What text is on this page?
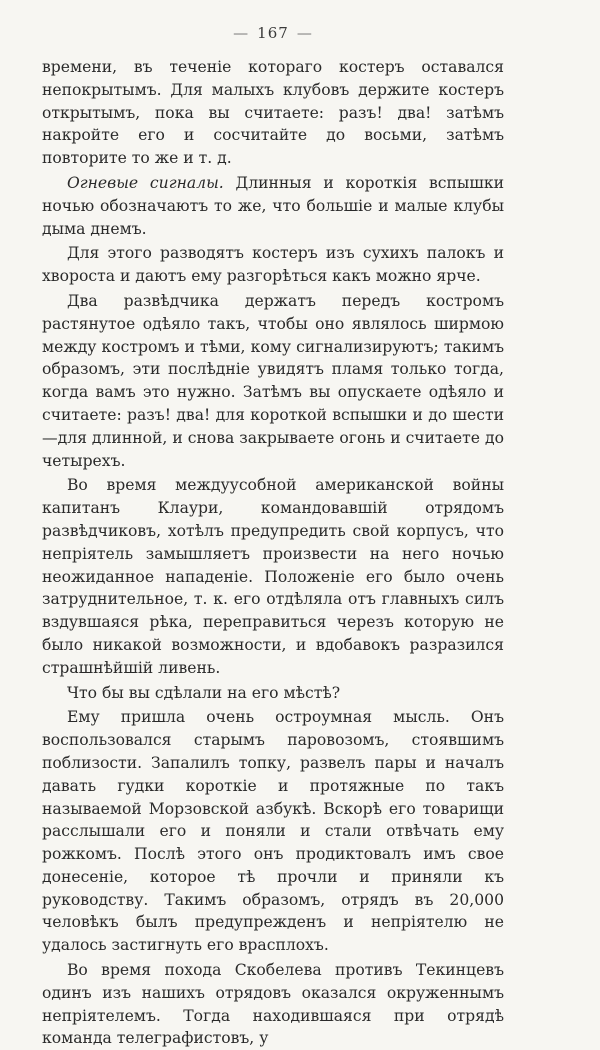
— 167 —

времени, въ теченіе котораго костеръ оставался непокрытымъ. Для малыхъ клубовъ держите костеръ открытымъ, пока вы считаете: разъ! два! затѣмъ накройте его и сосчитайте до восьми, затѣмъ повторите то же и т. д.

Огневые сигналы. Длинныя и короткія вспышки ночью обозначаютъ то же, что большіе и малые клубы дыма днемъ.

Для этого разводятъ костеръ изъ сухихъ палокъ и хвороста и даютъ ему разгорѣться какъ можно ярче.

Два развѣдчика держатъ передъ костромъ растянутое одѣяло такъ, чтобы оно являлось ширмою между костромъ и тѣми, кому сигнализируютъ; такимъ образомъ, эти послѣдніе увидятъ пламя только тогда, когда вамъ это нужно. Затѣмъ вы опускаете одѣяло и считаете: разъ! два! для короткой вспышки и до шести—для длинной, и снова закрываете огонь и считаете до четырехъ.

Во время междуусобной американской войны капитанъ Клаури, командовавшій отрядомъ развѣдчиковъ, хотѣлъ предупредить свой корпусъ, что непріятель замышляетъ произвести на него ночью неожиданное нападеніе. Положеніе его было очень затруднительное, т. к. его отдѣляла отъ главныхъ силъ вздувшаяся рѣка, переправиться черезъ которую не было никакой возможности, и вдобавокъ разразился страшнѣйшій ливень.

Что бы вы сдѣлали на его мѣстѣ?

Ему пришла очень остроумная мысль. Онъ воспользовался старымъ паровозомъ, стоявшимъ поблизости. Запалилъ топку, развелъ пары и началъ давать гудки короткіе и протяжные по такъ называемой Морзовской азбукѣ. Вскорѣ его товарищи расслышали его и поняли и стали отвѣчать ему рожкомъ. Послѣ этого онъ продиктовалъ имъ свое донесеніе, которое тѣ прочли и приняли къ руководству. Такимъ образомъ, отрядъ въ 20,000 человѣкъ былъ предупрежденъ и непріятелю не удалось застигнуть его врасплохъ.

Во время похода Скобелева противъ Текинцевъ одинъ изъ нашихъ отрядовъ оказался окруженнымъ непріятелемъ. Тогда находившаяся при отрядѣ команда телеграфистовъ, у
